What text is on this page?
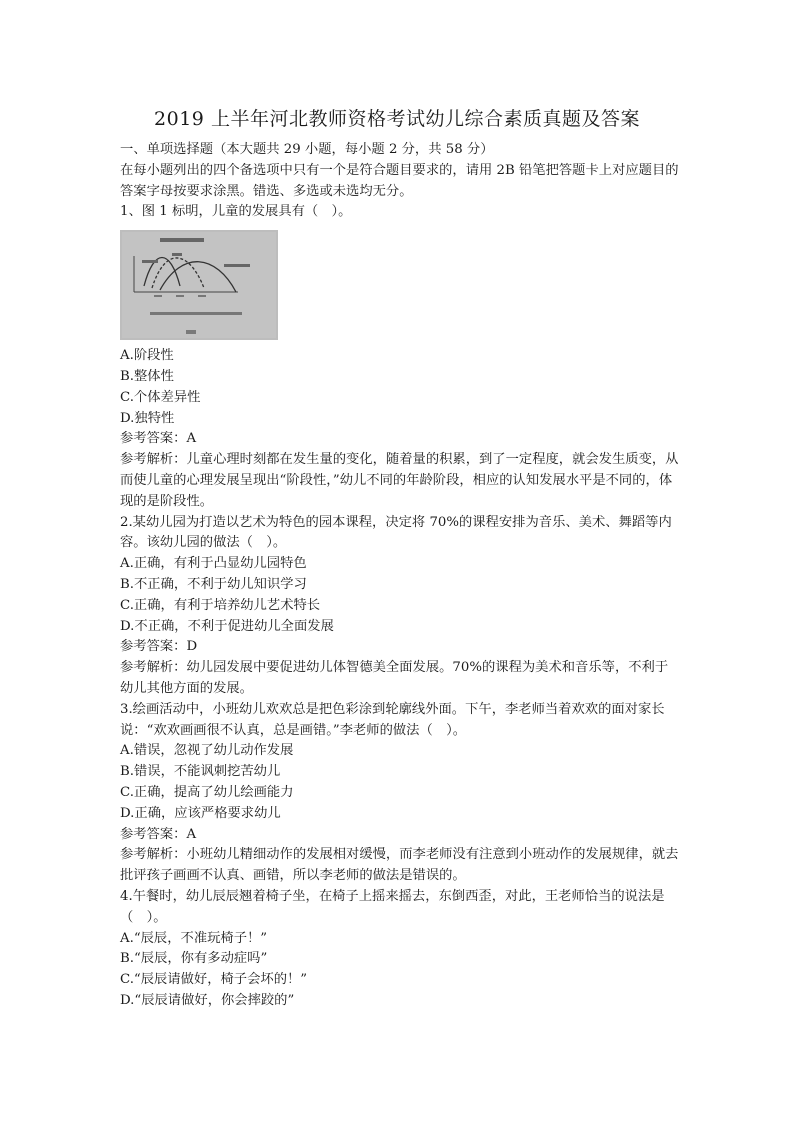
2019 上半年河北教师资格考试幼儿综合素质真题及答案
一、单项选择题（本大题共 29 小题，每小题 2 分，共 58 分）
在每小题列出的四个备选项中只有一个是符合题目要求的，请用 2B 铅笔把答题卡上对应题目的答案字母按要求涂黑。错选、多选或未选均无分。
1、图 1 标明，儿童的发展具有（　）。
A.阶段性
B.整体性
C.个体差异性
D.独特性
参考答案：A
参考解析：儿童心理时刻都在发生量的变化，随着量的积累，到了一定程度，就会发生质变，从而使儿童的心理发展呈现出“阶段性，”幼儿不同的年龄阶段，相应的认知发展水平是不同的，体现的是阶段性。
2.某幼儿园为打造以艺术为特色的园本课程，决定将 70%的课程安排为音乐、美术、舞蹈等内容。该幼儿园的做法（　）。
A.正确，有利于凸显幼儿园特色
B.不正确，不利于幼儿知识学习
C.正确，有利于培养幼儿艺术特长
D.不正确，不利于促进幼儿全面发展
参考答案：D
参考解析：幼儿园发展中要促进幼儿体智德美全面发展。70%的课程为美术和音乐等，不利于幼儿其他方面的发展。
3.绘画活动中，小班幼儿欢欢总是把色彩涂到轮廓线外面。下午，李老师当着欢欢的面对家长说：“欢欢画画很不认真，总是画错。”李老师的做法（　）。
A.错误，忽视了幼儿动作发展
B.错误，不能讽刺挖苦幼儿
C.正确，提高了幼儿绘画能力
D.正确，应该严格要求幼儿
参考答案：A
参考解析：小班幼儿精细动作的发展相对缓慢，而李老师没有注意到小班动作的发展规律，就去批评孩子画画不认真、画错，所以李老师的做法是错误的。
4.午餐时，幼儿辰辰翘着椅子坐，在椅子上摇来摇去，东倒西歪，对此，王老师恰当的说法是（　）。
A.“辰辰，不准玩椅子！”
B.“辰辰，你有多动症吗”
C.“辰辰请做好，椅子会坏的！”
D.“辰辰请做好，你会摔跤的”
